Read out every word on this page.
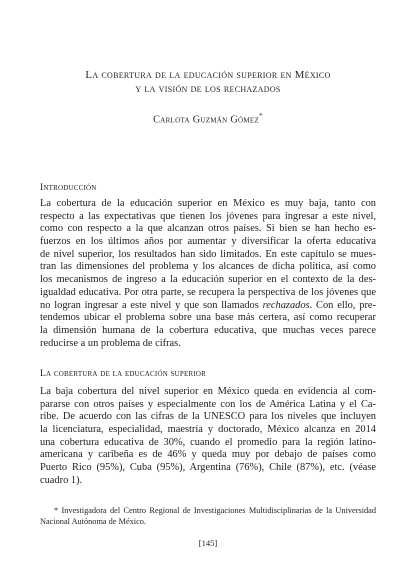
La cobertura de la educación superior en México
y la visión de los rechazados
Carlota Guzmán Gómez*
Introducción
La cobertura de la educación superior en México es muy baja, tanto con
respecto a las expectativas que tienen los jóvenes para ingresar a este nivel,
como con respecto a la que alcanzan otros países. Si bien se han hecho es-
fuerzos en los últimos años por aumentar y diversificar la oferta educativa
de nivel superior, los resultados han sido limitados. En este capítulo se mues-
tran las dimensiones del problema y los alcances de dicha política, así como
los mecanismos de ingreso a la educación superior en el contexto de la des-
igualdad educativa. Por otra parte, se recupera la perspectiva de los jóvenes que
no logran ingresar a este nivel y que son llamados rechazados. Con ello, pre-
tendemos ubicar el problema sobre una base más certera, así como recuperar
la dimensión humana de la cobertura educativa, que muchas veces parece
reducirse a un problema de cifras.
La cobertura de la educación superior
La baja cobertura del nivel superior en México queda en evidencia al com-
pararse con otros países y especialmente con los de América Latina y el Ca-
ribe. De acuerdo con las cifras de la UNESCO para los niveles que incluyen
la licenciatura, especialidad, maestría y doctorado, México alcanza en 2014
una cobertura educativa de 30%, cuando el promedio para la región latino-
americana y caribeña es de 46% y queda muy por debajo de países como
Puerto Rico (95%), Cuba (95%), Argentina (76%), Chile (87%), etc. (véase
cuadro 1).
* Investigadora del Centro Regional de Investigaciones Multidisciplinarias de la Universidad
Nacional Autónoma de México.
[145]
